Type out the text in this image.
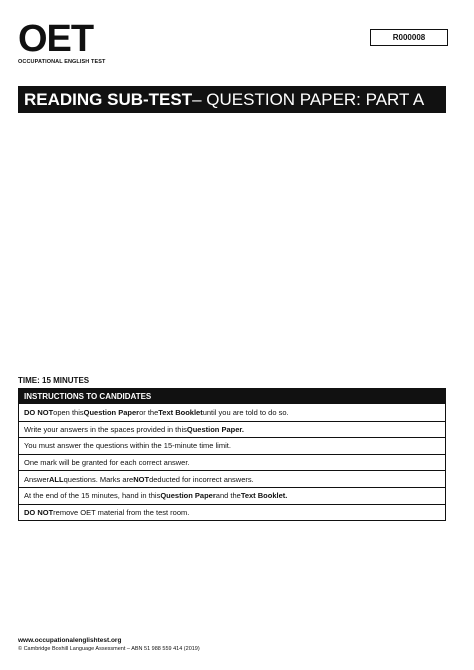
OET
OCCUPATIONAL ENGLISH TEST
R000008
READING SUB-TEST – QUESTION PAPER: PART A
TIME: 15 MINUTES
INSTRUCTIONS TO CANDIDATES
DO NOT open this Question Paper or the Text Booklet until you are told to do so.
Write your answers in the spaces provided in this Question Paper.
You must answer the questions within the 15-minute time limit.
One mark will be granted for each correct answer.
Answer ALL questions. Marks are NOT deducted for incorrect answers.
At the end of the 15 minutes, hand in this Question Paper and the Text Booklet.
DO NOT remove OET material from the test room.
www.occupationalenglishtest.org
© Cambridge Boxhill Language Assessment – ABN 51 988 559 414 (2019)
